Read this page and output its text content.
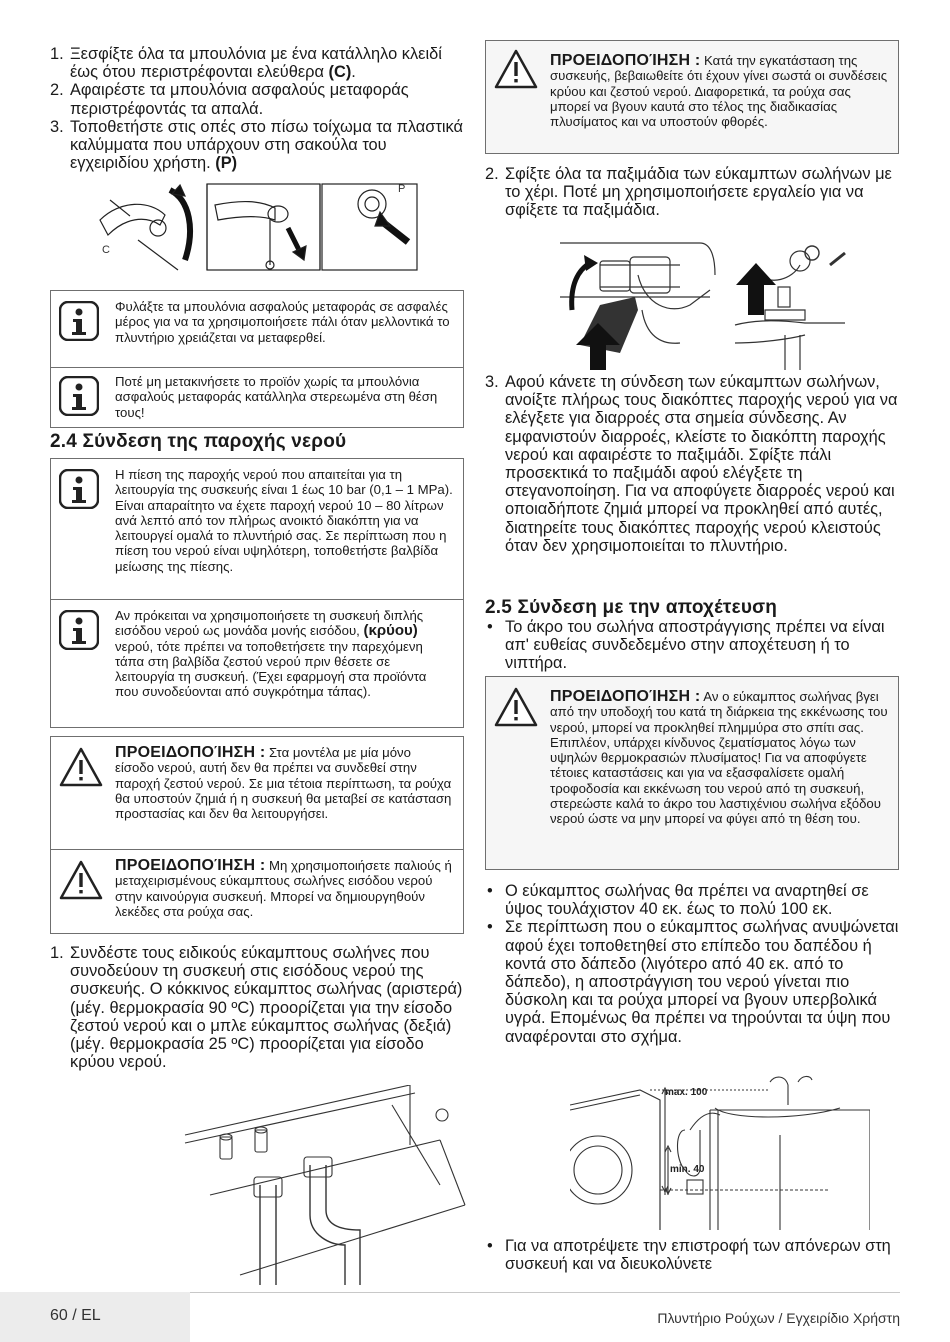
1. Ξεσφίξτε όλα τα μπουλόνια με ένα κατάλληλο κλειδί έως ότου περιστρέφονται ελεύθερα (C).
2. Αφαιρέστε τα μπουλόνια ασφαλούς μεταφοράς περιστρέφοντάς τα απαλά.
3. Τοποθετήστε στις οπές στο πίσω τοίχωμα τα πλαστικά καλύμματα που υπάρχουν στη σακούλα του εγχειριδίου χρήστη. (P)
C
P
Φυλάξτε τα μπουλόνια ασφαλούς μεταφοράς σε ασφαλές μέρος για να τα χρησιμοποιήσετε πάλι όταν μελλοντικά το πλυντήριο χρειάζεται να μεταφερθεί.
Ποτέ μη μετακινήσετε το προϊόν χωρίς τα μπουλόνια ασφαλούς μεταφοράς κατάλληλα στερεωμένα στη θέση τους!
2.4 Σύνδεση της παροχής νερού
Η πίεση της παροχής νερού που απαιτείται για τη λειτουργία της συσκευής είναι 1 έως 10 bar (0,1 – 1 MPa). Είναι απαραίτητο να έχετε παροχή νερού 10 – 80 λίτρων ανά λεπτό από τον πλήρως ανοικτό διακόπτη για να λειτουργεί ομαλά το πλυντήριό σας. Σε περίπτωση που η πίεση του νερού είναι υψηλότερη, τοποθετήστε βαλβίδα μείωσης της πίεσης.
Αν πρόκειται να χρησιμοποιήσετε τη συσκευή διπλής εισόδου νερού ως μονάδα μονής εισόδου, (κρύου) νερού, τότε πρέπει να τοποθετήσετε την παρεχόμενη τάπα στη βαλβίδα ζεστού νερού πριν θέσετε σε λειτουργία τη συσκευή. (Έχει εφαρμογή στα προϊόντα που συνοδεύονται από συγκρότημα τάπας).
ΠΡΟΕΙΔΟΠΟΊΗΣΗ : Στα μοντέλα με μία μόνο είσοδο νερού, αυτή δεν θα πρέπει να συνδεθεί στην παροχή ζεστού νερού. Σε μια τέτοια περίπτωση, τα ρούχα θα υποστούν ζημιά ή η συσκευή θα μεταβεί σε κατάσταση προστασίας και δεν θα λειτουργήσει.
ΠΡΟΕΙΔΟΠΟΊΗΣΗ : Μη χρησιμοποιήσετε παλιούς ή μεταχειρισμένους εύκαμπτους σωλήνες εισόδου νερού στην καινούργια συσκευή. Μπορεί να δημιουργηθούν λεκέδες στα ρούχα σας.
1. Συνδέστε τους ειδικούς εύκαμπτους σωλήνες που συνοδεύουν τη συσκευή στις εισόδους νερού της συσκευής. Ο κόκκινος εύκαμπτος σωλήνας (αριστερά) (μέγ. θερμοκρασία 90 ºC) προορίζεται για την είσοδο ζεστού νερού και ο μπλε εύκαμπτος σωλήνας (δεξιά) (μέγ. θερμοκρασία 25 ºC) προορίζεται για είσοδο κρύου νερού.
ΠΡΟΕΙΔΟΠΟΊΗΣΗ : Κατά την εγκατάσταση της συσκευής, βεβαιωθείτε ότι έχουν γίνει σωστά οι συνδέσεις κρύου και ζεστού νερού. Διαφορετικά, τα ρούχα σας μπορεί να βγουν καυτά στο τέλος της διαδικασίας πλυσίματος και να υποστούν φθορές.
2. Σφίξτε όλα τα παξιμάδια των εύκαμπτων σωλήνων με το χέρι. Ποτέ μη χρησιμοποιήσετε εργαλείο για να σφίξετε τα παξιμάδια.
3. Αφού κάνετε τη σύνδεση των εύκαμπτων σωλήνων, ανοίξτε πλήρως τους διακόπτες παροχής νερού για να ελέγξετε για διαρροές στα σημεία σύνδεσης. Αν εμφανιστούν διαρροές, κλείστε το διακόπτη παροχής νερού και αφαιρέστε το παξιμάδι. Σφίξτε πάλι προσεκτικά το παξιμάδι αφού ελέγξετε τη στεγανοποίηση. Για να αποφύγετε διαρροές νερού και οποιαδήποτε ζημιά μπορεί να προκληθεί από αυτές, διατηρείτε τους διακόπτες παροχής νερού κλειστούς όταν δεν χρησιμοποιείται το πλυντήριο.
2.5 Σύνδεση με την αποχέτευση
• Το άκρο του σωλήνα αποστράγγισης πρέπει να είναι απ' ευθείας συνδεδεμένο στην αποχέτευση ή το νιπτήρα.
ΠΡΟΕΙΔΟΠΟΊΗΣΗ : Αν ο εύκαμπτος σωλήνας βγει από την υποδοχή του κατά τη διάρκεια της εκκένωσης του νερού, μπορεί να προκληθεί πλημμύρα στο σπίτι σας. Επιπλέον, υπάρχει κίνδυνος ζεματίσματος λόγω των υψηλών θερμοκρασιών πλυσίματος! Για να αποφύγετε τέτοιες καταστάσεις και για να εξασφαλίσετε ομαλή τροφοδοσία και εκκένωση του νερού από τη συσκευή, στερεώστε καλά το άκρο του λαστιχένιου σωλήνα εξόδου νερού ώστε να μην μπορεί να φύγει από τη θέση του.
• Ο εύκαμπτος σωλήνας θα πρέπει να αναρτηθεί σε ύψος τουλάχιστον 40 εκ. έως το πολύ 100 εκ.
• Σε περίπτωση που ο εύκαμπτος σωλήνας ανυψώνεται αφού έχει τοποθετηθεί στο επίπεδο του δαπέδου ή κοντά στο δάπεδο (λιγότερο από 40 εκ. από το δάπεδο), η αποστράγγιση του νερού γίνεται πιο δύσκολη και τα ρούχα μπορεί να βγουν υπερβολικά υγρά. Επομένως θα πρέπει να τηρούνται τα ύψη που αναφέρονται στο σχήμα.
max. 100
min. 40
• Για να αποτρέψετε την επιστροφή των απόνερων στη συσκευή και να διευκολύνετε
60 / EL	Πλυντήριο Ρούχων / Εγχειρίδιο Χρήστη
